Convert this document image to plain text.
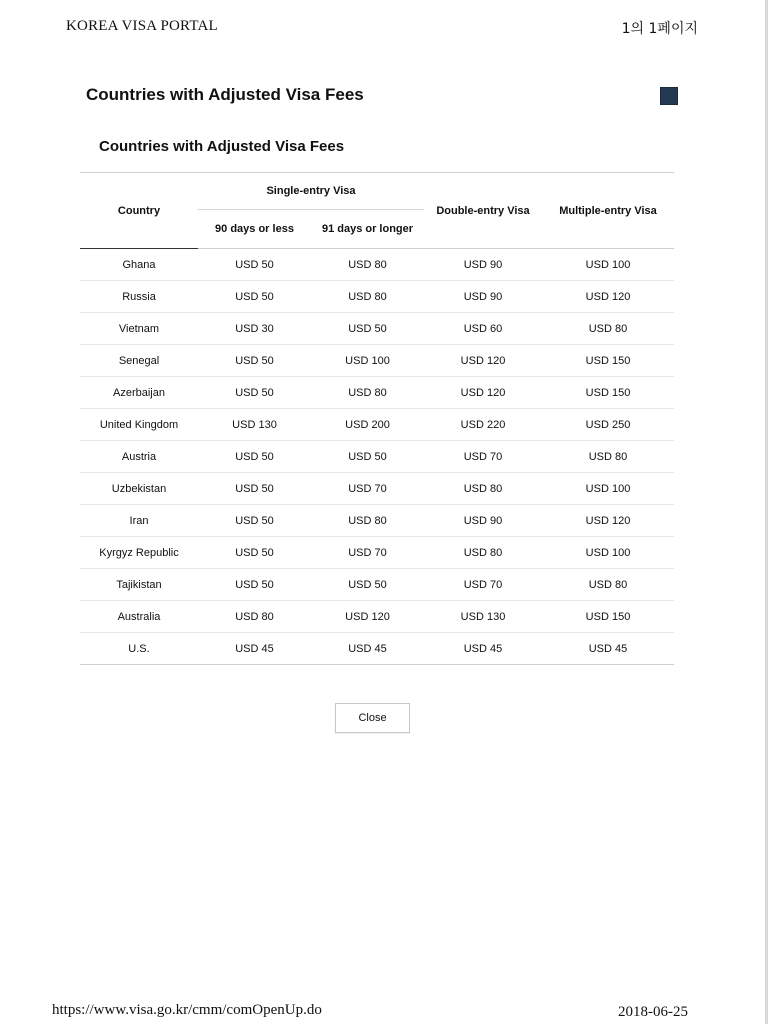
KOREA VISA PORTAL	1의 1페이지
Countries with Adjusted Visa Fees
Countries with Adjusted Visa Fees
Country	Single-entry Visa		Double-entry Visa	Multiple-entry Visa
	90 days or less	91 days or longer		
Ghana	USD 50	USD 80	USD 90	USD 100
Russia	USD 50	USD 80	USD 90	USD 120
Vietnam	USD 30	USD 50	USD 60	USD 80
Senegal	USD 50	USD 100	USD 120	USD 150
Azerbaijan	USD 50	USD 80	USD 120	USD 150
United Kingdom	USD 130	USD 200	USD 220	USD 250
Austria	USD 50	USD 50	USD 70	USD 80
Uzbekistan	USD 50	USD 70	USD 80	USD 100
Iran	USD 50	USD 80	USD 90	USD 120
Kyrgyz Republic	USD 50	USD 70	USD 80	USD 100
Tajikistan	USD 50	USD 50	USD 70	USD 80
Australia	USD 80	USD 120	USD 130	USD 150
U.S.	USD 45	USD 45	USD 45	USD 45
Close
https://www.visa.go.kr/cmm/comOpenUp.do	2018-06-25
